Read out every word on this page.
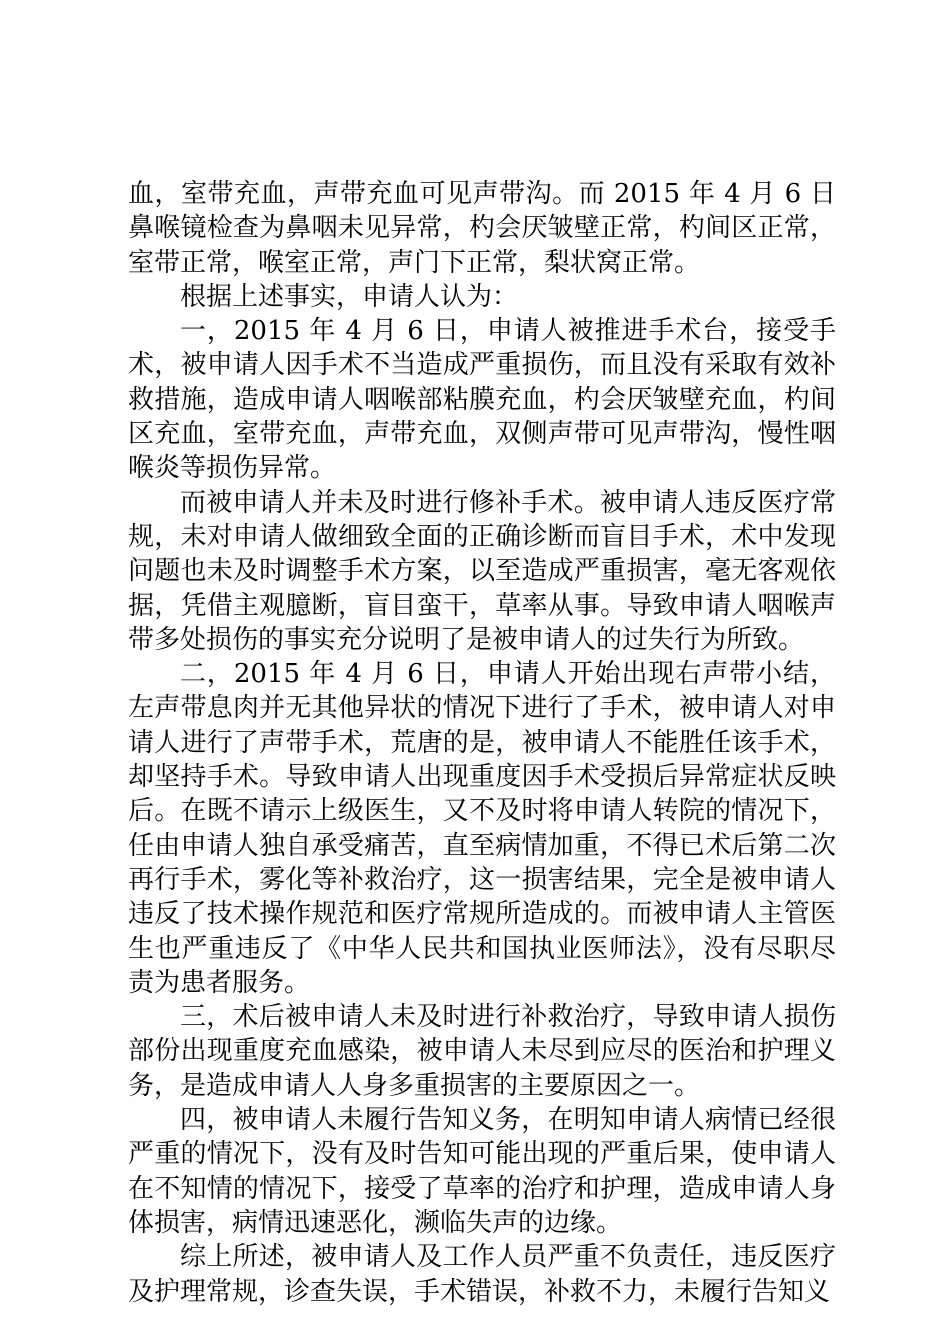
血，室带充血，声带充血可见声带沟。而 2015 年 4 月 6 日鼻喉镜检查为鼻咽未见异常，杓会厌皱壁正常，杓间区正常，室带正常，喉室正常，声门下正常，梨状窝正常。

根据上述事实，申请人认为：

一，2015 年 4 月 6 日，申请人被推进手术台，接受手术，被申请人因手术不当造成严重损伤，而且没有采取有效补救措施，造成申请人咽喉部粘膜充血，杓会厌皱壁充血，杓间区充血，室带充血，声带充血，双侧声带可见声带沟，慢性咽喉炎等损伤异常。

而被申请人并未及时进行修补手术。被申请人违反医疗常规，未对申请人做细致全面的正确诊断而盲目手术，术中发现问题也未及时调整手术方案，以至造成严重损害，毫无客观依据，凭借主观臆断，盲目蛮干，草率从事。导致申请人咽喉声带多处损伤的事实充分说明了是被申请人的过失行为所致。

二，2015 年 4 月 6 日，申请人开始出现右声带小结，左声带息肉并无其他异状的情况下进行了手术，被申请人对申请人进行了声带手术，荒唐的是，被申请人不能胜任该手术，却坚持手术。导致申请人出现重度因手术受损后异常症状反映后。在既不请示上级医生，又不及时将申请人转院的情况下，任由申请人独自承受痛苦，直至病情加重，不得已术后第二次再行手术，雾化等补救治疗，这一损害结果，完全是被申请人违反了技术操作规范和医疗常规所造成的。而被申请人主管医生也严重违反了《中华人民共和国执业医师法》，没有尽职尽责为患者服务。

三，术后被申请人未及时进行补救治疗，导致申请人损伤部份出现重度充血感染，被申请人未尽到应尽的医治和护理义务，是造成申请人人身多重损害的主要原因之一。

四，被申请人未履行告知义务，在明知申请人病情已经很严重的情况下，没有及时告知可能出现的严重后果，使申请人在不知情的情况下，接受了草率的治疗和护理，造成申请人身体损害，病情迅速恶化，濒临失声的边缘。

综上所述，被申请人及工作人员严重不负责任，违反医疗及护理常规，诊查失误，手术错误，补救不力，未履行告知义
